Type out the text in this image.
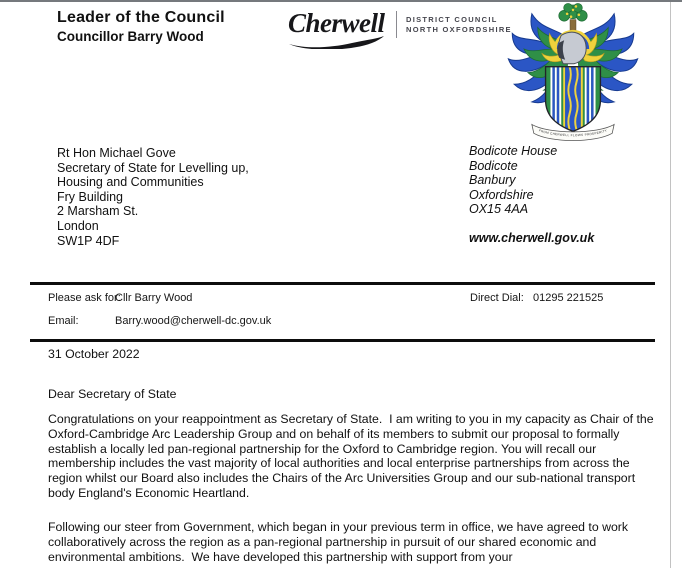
Leader of the Council
Councillor Barry Wood	Cherwell	DISTRICT COUNCIL
NORTH OXFORDSHIRE
FROM CHERWELL FLOWS PROSPERITY
Rt Hon Michael Gove
Secretary of State for Levelling up,
Housing and Communities
Fry Building
2 Marsham St.
London
SW1P 4DF
Bodicote House
Bodicote
Banbury
Oxfordshire
OX15 4AA
www.cherwell.gov.uk
Please ask for:
Cllr Barry Wood	Direct Dial: 01295 221525
Email:	Barry.wood@cherwell-dc.gov.uk
31 October 2022
Dear Secretary of State
Congratulations on your reappointment as Secretary of State.  I am writing to you in my capacity as Chair of the Oxford-Cambridge Arc Leadership Group and on behalf of its members to submit our proposal to formally establish a locally led pan-regional partnership for the Oxford to Cambridge region. You will recall our membership includes the vast majority of local authorities and local enterprise partnerships from across the region whilst our Board also includes the Chairs of the Arc Universities Group and our sub-national transport body England's Economic Heartland.
Following our steer from Government, which began in your previous term in office, we have agreed to work collaboratively across the region as a pan-regional partnership in pursuit of our shared economic and environmental ambitions.  We have developed this partnership with support from your
